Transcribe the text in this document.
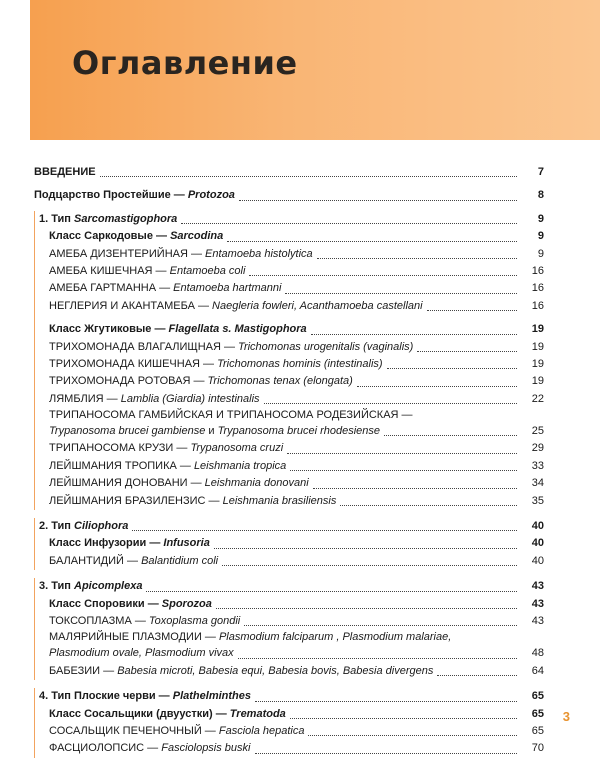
Оглавление
ВВЕДЕНИЕ	7
Подцарство Простейшие — Protozoa	8
1. Тип Sarcomastigophora	9
Класс Саркодовые — Sarcodina	9
АМЕБА ДИЗЕНТЕРИЙНАЯ — Entamoeba histolytica	9
АМЕБА КИШЕЧНАЯ — Entamoeba coli	16
АМЕБА ГАРТМАННА — Entamoeba hartmanni	16
НЕГЛЕРИЯ И АКАНТАМЕБА — Naegleria fowleri, Acanthamoeba castellani	16
Класс Жгутиковые — Flagellata s. Mastigophora	19
ТРИХОМОНАДА ВЛАГАЛИЩНАЯ — Trichomonas urogenitalis (vaginalis)	19
ТРИХОМОНАДА КИШЕЧНАЯ — Trichomonas hominis (intestinalis)	19
ТРИХОМОНАДА РОТОВАЯ — Trichomonas tenax (elongata)	19
ЛЯМБЛИЯ — Lamblia (Giardia) intestinalis	22
ТРИПАНОСОМА ГАМБИЙСКАЯ И ТРИПАНОСОМА РОДЕЗИЙСКАЯ —
Trypanosoma brucei gambiense и Trypanosoma brucei rhodesiense	25
ТРИПАНОСОМА КРУЗИ — Trypanosoma cruzi	29
ЛЕЙШМАНИЯ ТРОПИКА — Leishmania tropica	33
ЛЕЙШМАНИЯ ДОНОВАНИ — Leishmania donovani	34
ЛЕЙШМАНИЯ БРАЗИЛЕНЗИС — Leishmania brasiliensis	35
2. Тип Ciliophora	40
Класс Инфузории — Infusoria	40
БАЛАНТИДИЙ — Balantidium coli	40
3. Тип Apicomplexa	43
Класс Споровики — Sporozoa	43
ТОКСОПЛАЗМА — Toxoplasma gondii	43
МАЛЯРИЙНЫЕ ПЛАЗМОДИИ — Plasmodium falciparum , Plasmodium malariae,
Plasmodium ovale, Plasmodium vivax	48
БАБЕЗИИ — Babesia microti, Babesia equi, Babesia bovis, Babesia divergens	64
4. Тип Плоские черви — Plathelminthes	65
Класс Сосальщики (двуустки) — Trematoda	65
СОСАЛЬЩИК ПЕЧЕНОЧНЫЙ — Fasciola hepatica	65
ФАСЦИОЛОПСИС — Fasciolopsis buski	70
3
